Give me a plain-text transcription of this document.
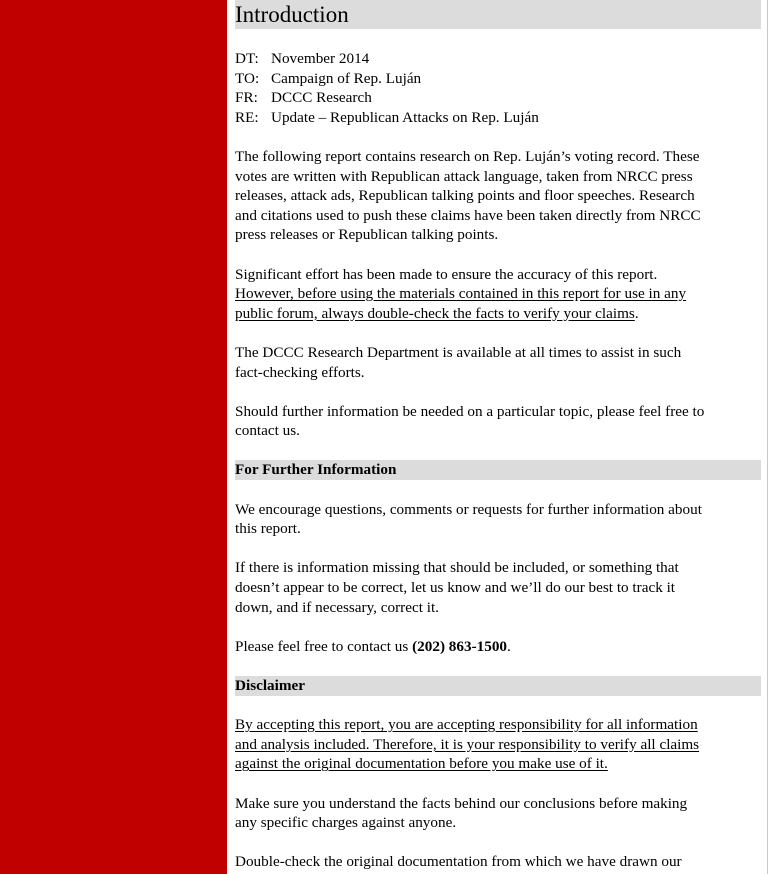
Introduction
DT: November 2014
TO: Campaign of Rep. Luján
FR: DCCC Research
RE: Update – Republican Attacks on Rep. Luján

The following report contains research on Rep. Luján’s voting record. These
votes are written with Republican attack language, taken from NRCC press
releases, attack ads, Republican talking points and floor speeches. Research
and citations used to push these claims have been taken directly from NRCC
press releases or Republican talking points.

Significant effort has been made to ensure the accuracy of this report.
However, before using the materials contained in this report for use in any
public forum, always double-check the facts to verify your claims.

The DCCC Research Department is available at all times to assist in such
fact-checking efforts.

Should further information be needed on a particular topic, please feel free to
contact us.

For Further Information

We encourage questions, comments or requests for further information about
this report.

If there is information missing that should be included, or something that
doesn’t appear to be correct, let us know and we’ll do our best to track it
down, and if necessary, correct it.

Please feel free to contact us (202) 863-1500.

Disclaimer

By accepting this report, you are accepting responsibility for all information
and analysis included. Therefore, it is your responsibility to verify all claims
against the original documentation before you make use of it.

Make sure you understand the facts behind our conclusions before making
any specific charges against anyone.

Double-check the original documentation from which we have drawn our
